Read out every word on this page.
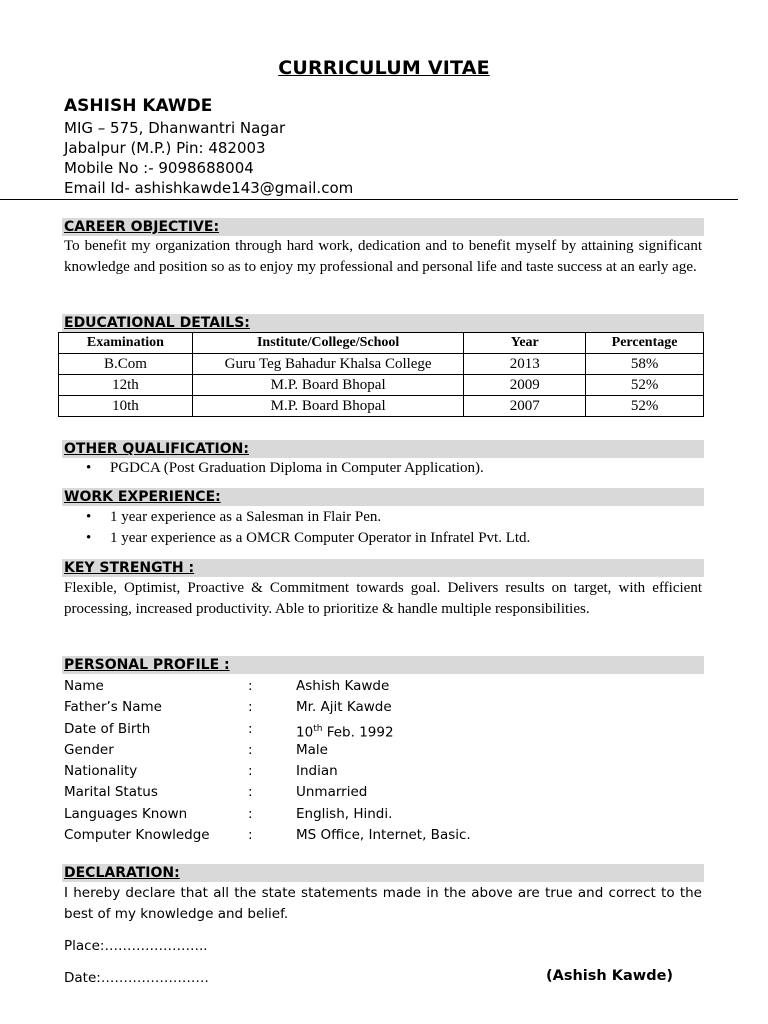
CURRICULUM VITAE
ASHISH KAWDE
MIG – 575, Dhanwantri Nagar
Jabalpur (M.P.) Pin: 482003
Mobile No :- 9098688004
Email Id- ashishkawde143@gmail.com
CAREER OBJECTIVE:
To benefit my organization through hard work, dedication and to benefit myself by attaining significant knowledge and position so as to enjoy my professional and personal life and taste success at an early age.
EDUCATIONAL DETAILS:
Examination	Institute/College/School	Year	Percentage
B.Com	Guru Teg Bahadur Khalsa College	2013	58%
12th	M.P. Board Bhopal	2009	52%
10th	M.P. Board Bhopal	2007	52%
OTHER QUALIFICATION:
• PGDCA (Post Graduation Diploma in Computer Application).
WORK EXPERIENCE:
• 1 year experience as a Salesman in Flair Pen.
• 1 year experience as a OMCR Computer Operator in Infratel Pvt. Ltd.
KEY STRENGTH :
Flexible, Optimist, Proactive & Commitment towards goal. Delivers results on target, with efficient processing, increased productivity. Able to prioritize & handle multiple responsibilities.
PERSONAL PROFILE :
Name	:	Ashish Kawde
Father’s Name	:	Mr. Ajit Kawde
Date of Birth	:	10th Feb. 1992
Gender	:	Male
Nationality	:	Indian
Marital Status	:	Unmarried
Languages Known	:	English, Hindi.
Computer Knowledge	:	MS Office, Internet, Basic.
DECLARATION:
I hereby declare that all the state statements made in the above are true and correct to the best of my knowledge and belief.
Place:…………………..
Date:……………………	(Ashish Kawde)
